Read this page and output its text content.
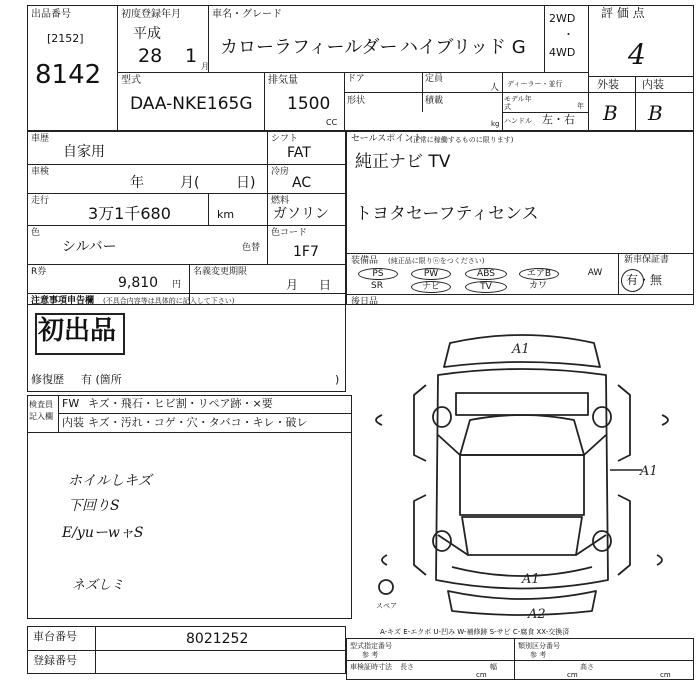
出品番号
[2152]
8142
初度登録年月
平成
28 1 月
車名・グレード
カローラフィールダー ハイブリッド G
2WD
・
4WD
評 価 点
4
外装 内装
B B
型式
DAA-NKE165G
排気量
1500
CC
ドア	定員
人
形状	積載
kg
ディーラー・並行
モデル年式	年
ハンドル 左・右
車歴
自家用
シフト
FAT
車検
年	月(	日)
冷房
AC
走行
3万1千680	km
燃料
ガソリン
色
シルバー	色替
色コード
1F7
R券
9,810 円
名義変更期限
月 日
セールスポイント
(正常に稼働するものに限ります)
純正ナビ TV
トヨタセーフティセンス
装備品 (純正品に限りⓞをつください)
PS	PW	ABS	エアB	AW
SR	ナビ	TV	カワ
新車保証書
有・無
後日品
注意事項申告欄 (不具合内容等は具体的に記入して下さい)
初出品
修復歴 有 (箇所	)
検査員記入欄
FW キズ・飛石・ヒビ割・リペア跡・×要
内装 キズ・汚れ・コゲ・穴・タバコ・キレ・破レ
ホイルしキズ
下回りS
E/yuーwャS
ネズしミ
A1
A1
A1
A2
スペア
A-キズ E-エクボ U-凹み W-補修跡 S-サビ C-腐食 XX-交換済
車台番号	8021252
登録番号
型式指定番号
参 考
類別区分番号
参 考
車検証時寸法 長さ
cm
幅
cm
高さ
cm
